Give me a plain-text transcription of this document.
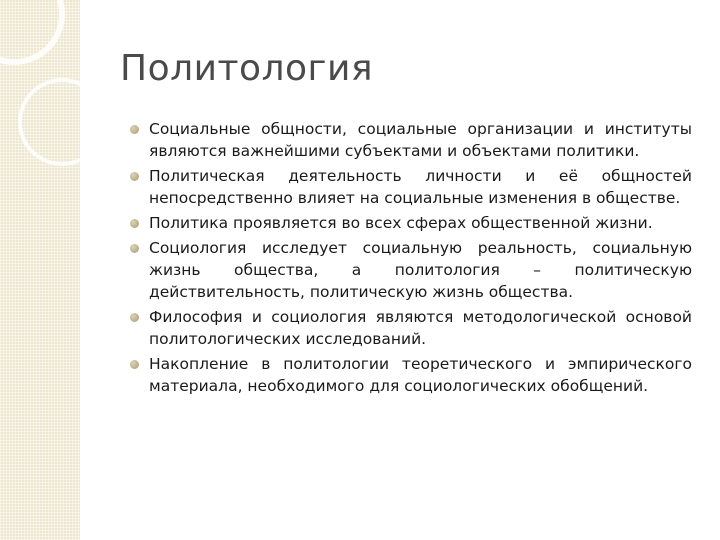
Политология
Социальные общности, социальные организации и институты являются важнейшими субъектами и объектами политики.
Политическая деятельность личности и её общностей непосредственно влияет на социальные изменения в обществе.
Политика проявляется во всех сферах общественной жизни.
Социология исследует социальную реальность, социальную жизнь общества, а политология – политическую действительность, политическую жизнь общества.
Философия и социология являются методологической основой политологических исследований.
Накопление в политологии теоретического и эмпирического материала, необходимого для социологических обобщений.
